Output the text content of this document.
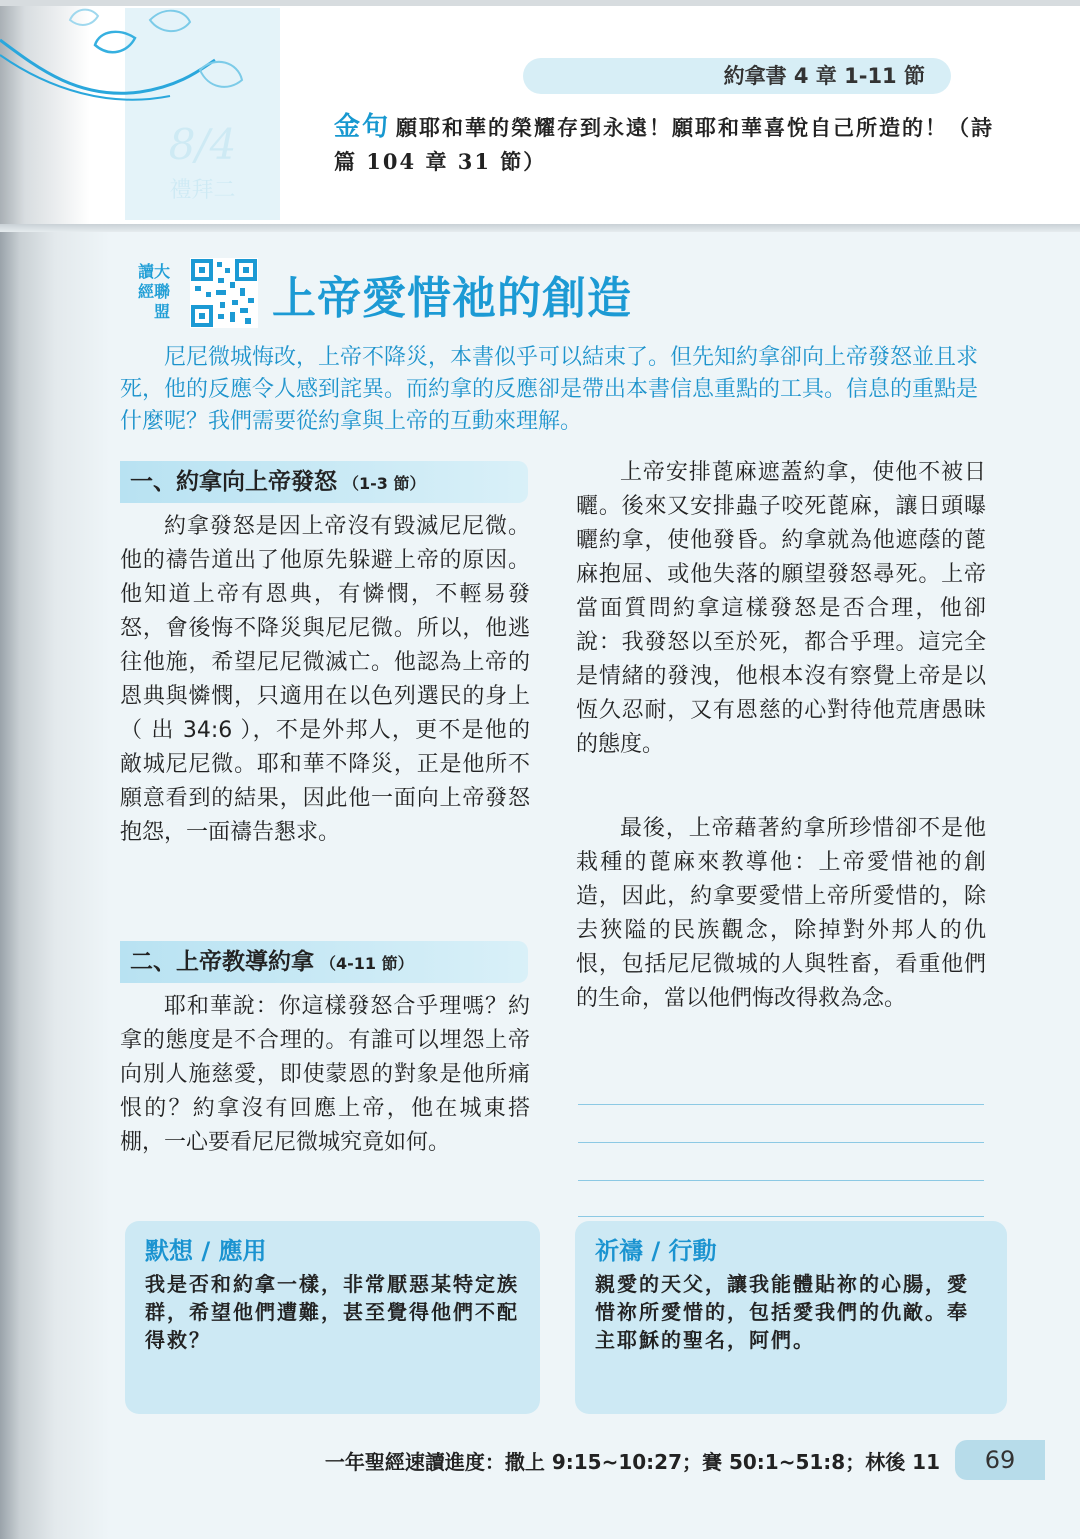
8/4
禮拜二
約拿書 4 章 1-11 節
金句 願耶和華的榮耀存到永遠！願耶和華喜悅自己所造的！（詩篇 104 章 31 節）
讀大
經聯
　盟	上帝愛惜祂的創造
尼尼微城悔改，上帝不降災，本書似乎可以結束了。但先知約拿卻向上帝發怒並且求死，他的反應令人感到詫異。而約拿的反應卻是帶出本書信息重點的工具。信息的重點是什麼呢？我們需要從約拿與上帝的互動來理解。
一、約拿向上帝發怒 （1-3 節）

約拿發怒是因上帝沒有毀滅尼尼微。他的禱告道出了他原先躲避上帝的原因。他知道上帝有恩典，有憐憫，不輕易發怒，會後悔不降災與尼尼微。所以，他逃往他施，希望尼尼微滅亡。他認為上帝的恩典與憐憫，只適用在以色列選民的身上（ 出 34:6 ），不是外邦人，更不是他的敵城尼尼微。耶和華不降災，正是他所不願意看到的結果，因此他一面向上帝發怒抱怨，一面禱告懇求。

二、上帝教導約拿 （4-11 節）

耶和華說：你這樣發怒合乎理嗎？約拿的態度是不合理的。有誰可以埋怨上帝向別人施慈愛，即使蒙恩的對象是他所痛恨的？約拿沒有回應上帝，他在城東搭棚，一心要看尼尼微城究竟如何。

上帝安排蓖麻遮蓋約拿，使他不被日曬。後來又安排蟲子咬死蓖麻，讓日頭曝曬約拿，使他發昏。約拿就為他遮蔭的蓖麻抱屈、或他失落的願望發怒尋死。上帝當面質問約拿這樣發怒是否合理，他卻說：我發怒以至於死，都合乎理。這完全是情緒的發洩，他根本沒有察覺上帝是以恆久忍耐，又有恩慈的心對待他荒唐愚昧的態度。

最後，上帝藉著約拿所珍惜卻不是他栽種的蓖麻來教導他：上帝愛惜祂的創造，因此，約拿要愛惜上帝所愛惜的，除去狹隘的民族觀念，除掉對外邦人的仇恨，包括尼尼微城的人與牲畜，看重他們的生命，當以他們悔改得救為念。

默想 / 應用
我是否和約拿一樣，非常厭惡某特定族群，希望他們遭難，甚至覺得他們不配得救？
祈禱 / 行動
親愛的天父，讓我能體貼祢的心腸，愛惜祢所愛惜的，包括愛我們的仇敵。奉主耶穌的聖名，阿們。
一年聖經速讀進度：撒上 9:15~10:27；賽 50:1~51:8；林後 11	69
